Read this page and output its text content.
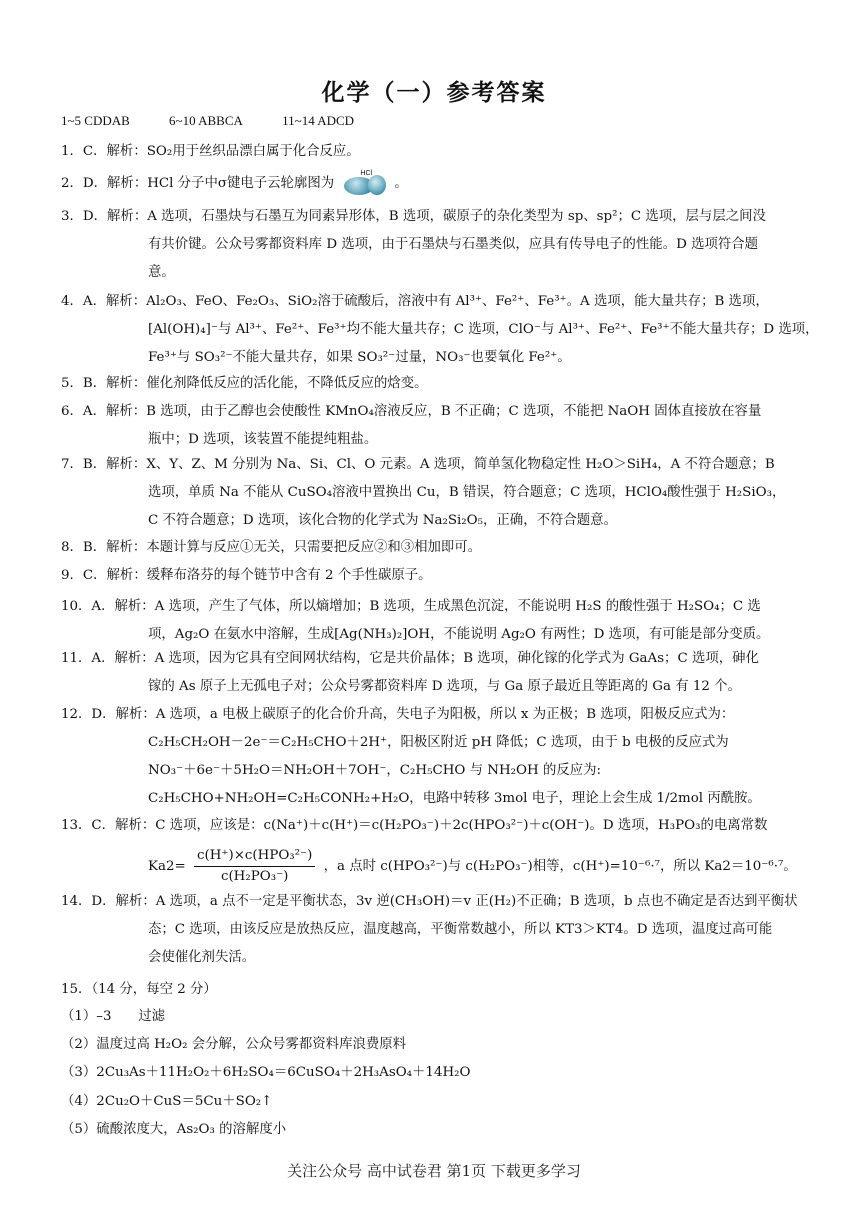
化学（一）参考答案
1~5 CDDAB	6~10 ABBCA	11~14 ADCD
1．C．解析：SO₂用于丝织品漂白属于化合反应。
2．D．解析：HCl 分子中σ键电子云轮廓图为
HCl
。
3．D．解析：A 选项，石墨炔与石墨互为同素异形体，B 选项，碳原子的杂化类型为 sp、sp²；C 选项，层与层之间没
有共价键。公众号雾都资料库 D 选项，由于石墨炔与石墨类似，应具有传导电子的性能。D 选项符合题
意。
4．A．解析：Al₂O₃、FeO、Fe₂O₃、SiO₂溶于硫酸后，溶液中有 Al³⁺、Fe²⁺、Fe³⁺。A 选项，能大量共存；B 选项，
[Al(OH)₄]⁻与 Al³⁺、Fe²⁺、Fe³⁺均不能大量共存；C 选项，ClO⁻与 Al³⁺、Fe²⁺、Fe³⁺不能大量共存；D 选项，
Fe³⁺与 SO₃²⁻不能大量共存，如果 SO₃²⁻过量，NO₃⁻也要氧化 Fe²⁺。
5．B．解析：催化剂降低反应的活化能，不降低反应的焓变。
6．A．解析：B 选项，由于乙醇也会使酸性 KMnO₄溶液反应，B 不正确；C 选项，不能把 NaOH 固体直接放在容量
瓶中；D 选项，该装置不能提纯粗盐。
7．B．解析：X、Y、Z、M 分别为 Na、Si、Cl、O 元素。A 选项，简单氢化物稳定性 H₂O＞SiH₄，A 不符合题意；B
选项，单质 Na 不能从 CuSO₄溶液中置换出 Cu，B 错误，符合题意；C 选项，HClO₄酸性强于 H₂SiO₃，
C 不符合题意；D 选项，该化合物的化学式为 Na₂Si₂O₅，正确，不符合题意。
8．B．解析：本题计算与反应①无关，只需要把反应②和③相加即可。
9．C．解析：缓释布洛芬的每个链节中含有 2 个手性碳原子。
10．A．解析：A 选项，产生了气体，所以熵增加；B 选项，生成黑色沉淀，不能说明 H₂S 的酸性强于 H₂SO₄；C 选
项，Ag₂O 在氨水中溶解，生成[Ag(NH₃)₂]OH，不能说明 Ag₂O 有两性；D 选项，有可能是部分变质。
11．A．解析：A 选项，因为它具有空间网状结构，它是共价晶体；B 选项，砷化镓的化学式为 GaAs；C 选项，砷化
镓的 As 原子上无孤电子对；公众号雾都资料库 D 选项，与 Ga 原子最近且等距离的 Ga 有 12 个。
12．D．解析：A 选项，a 电极上碳原子的化合价升高，失电子为阳极，所以 x 为正极；B 选项，阳极反应式为：
C₂H₅CH₂OH－2e⁻＝C₂H₅CHO＋2H⁺，阳极区附近 pH 降低；C 选项，由于 b 电极的反应式为
NO₃⁻＋6e⁻＋5H₂O＝NH₂OH＋7OH⁻，C₂H₅CHO 与 NH₂OH 的反应为:
C₂H₅CHO+NH₂OH=C₂H₅CONH₂+H₂O，电路中转移 3mol 电子，理论上会生成 1/2mol 丙酰胺。
13．C．解析：C 选项，应该是：c(Na⁺)＋c(H⁺)＝c(H₂PO₃⁻)＋2c(HPO₃²⁻)＋c(OH⁻)。D 选项，H₃PO₃的电离常数
$Ka2= \frac{\text{c(H⁺)×c(HPO₃²⁻)}}{\text{c(H₂PO₃⁻)}}$ ，a 点时 c(HPO₃²⁻)与 c(H₂PO₃⁻)相等，c(H⁺)=10⁻⁶·⁷，所以 Ka2＝10⁻⁶·⁷。
14．D．解析：A 选项，a 点不一定是平衡状态，3v 逆(CH₃OH)＝v 正(H₂)不正确；B 选项，b 点也不确定是否达到平衡状
态；C 选项，由该反应是放热反应，温度越高，平衡常数越小，所以 KT3＞KT4。D 选项，温度过高可能
会使催化剂失活。
15．（14 分，每空 2 分）
（1）–3　　过滤
（2）温度过高 H₂O₂ 会分解，公众号雾都资料库浪费原料
（3）2Cu₃As＋11H₂O₂＋6H₂SO₄＝6CuSO₄＋2H₃AsO₄＋14H₂O
（4）2Cu₂O＋CuS＝5Cu＋SO₂↑
（5）硫酸浓度大，As₂O₃ 的溶解度小
关注公众号 高中试卷君 第1页 下载更多学习
